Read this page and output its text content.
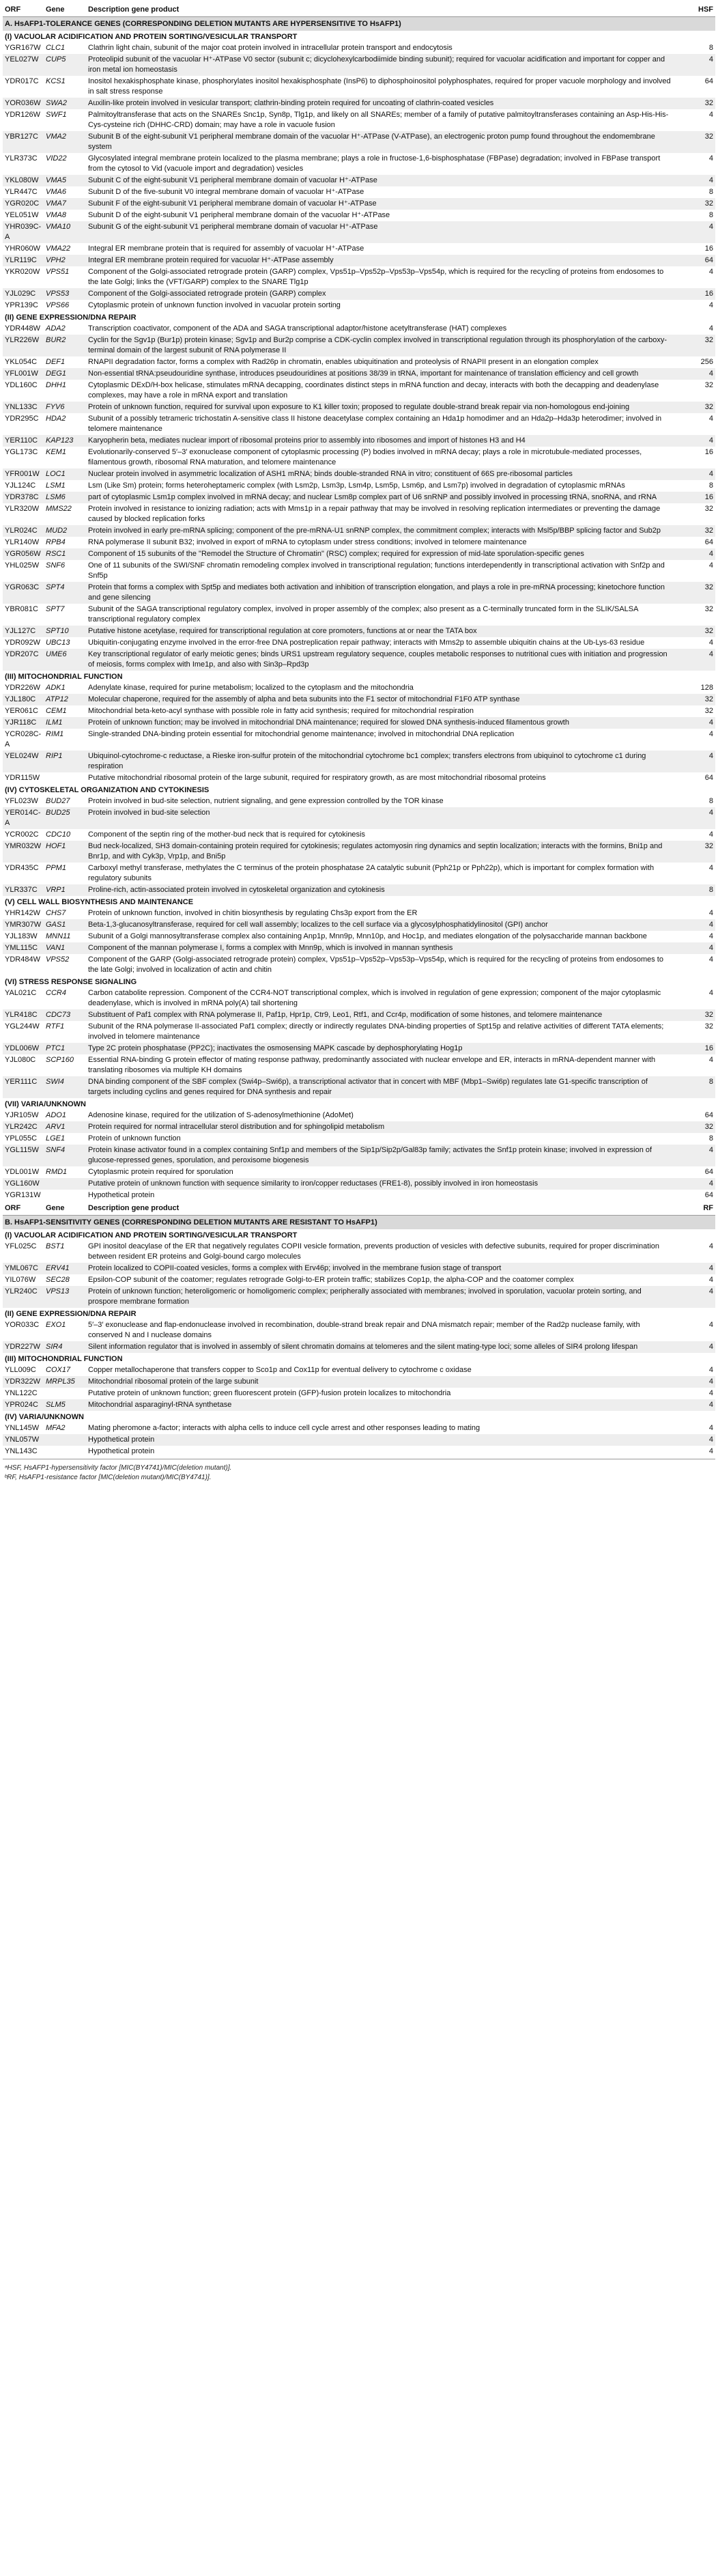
ORF	Gene	Description gene product	HSF
A. HsAFP1-TOLERANCE GENES (CORRESPONDING DELETION MUTANTS ARE HYPERSENSITIVE TO HsAFP1)			
(I) VACUOLAR ACIDIFICATION AND PROTEIN SORTING/VESICULAR TRANSPORT			
YGR167W	CLC1	Clathrin light chain, subunit of the major coat protein involved in intracellular protein transport and endocytosis	8
YEL027W	CUP5	Proteolipid subunit of the vacuolar H⁺-ATPase V0 sector (subunit c; dicyclohexylcarbodiimide binding subunit); required for vacuolar acidification and important for copper and iron metal ion homeostasis	4
YDR017C	KCS1	Inositol hexakisphosphate kinase, phosphorylates inositol hexakisphosphate (InsP6) to diphosphoinositol polyphosphates, required for proper vacuole morphology and involved in salt stress response	64
YOR036W	SWA2	Auxilin-like protein involved in vesicular transport; clathrin-binding protein required for uncoating of clathrin-coated vesicles	32
YDR126W	SWF1	Palmitoyltransferase that acts on the SNAREs Snc1p, Syn8p, Tlg1p, and likely on all SNAREs; member of a family of putative palmitoyltransferases containing an Asp-His-His-Cys-cysteine rich (DHHC-CRD) domain; may have a role in vacuole fusion	4
YBR127C	VMA2	Subunit B of the eight-subunit V1 peripheral membrane domain of the vacuolar H⁺-ATPase (V-ATPase), an electrogenic proton pump found throughout the endomembrane system	32
YLR373C	VID22	Glycosylated integral membrane protein localized to the plasma membrane; plays a role in fructose-1,6-bisphosphatase (FBPase) degradation; involved in FBPase transport from the cytosol to Vid (vacuole import and degradation) vesicles	4
YKL080W	VMA5	Subunit C of the eight-subunit V1 peripheral membrane domain of vacuolar H⁺-ATPase	4
YLR447C	VMA6	Subunit D of the five-subunit V0 integral membrane domain of vacuolar H⁺-ATPase	8
YGR020C	VMA7	Subunit F of the eight-subunit V1 peripheral membrane domain of vacuolar H⁺-ATPase	32
YEL051W	VMA8	Subunit D of the eight-subunit V1 peripheral membrane domain of the vacuolar H⁺-ATPase	8
YHR039C-A	VMA10	Subunit G of the eight-subunit V1 peripheral membrane domain of vacuolar H⁺-ATPase	4
YHR060W	VMA22	Integral ER membrane protein that is required for assembly of vacuolar H⁺-ATPase	16
YLR119C	VPH2	Integral ER membrane protein required for vacuolar H⁺-ATPase assembly	64
YKR020W	VPS51	Component of the Golgi-associated retrograde protein (GARP) complex, Vps51p–Vps52p–Vps53p–Vps54p, which is required for the recycling of proteins from endosomes to the late Golgi; links the (VFT/GARP) complex to the SNARE Tlg1p	4
YJL029C	VPS53	Component of the Golgi-associated retrograde protein (GARP) complex	16
YPR139C	VPS66	Cytoplasmic protein of unknown function involved in vacuolar protein sorting	4
(II) GENE EXPRESSION/DNA REPAIR			
YDR448W	ADA2	Transcription coactivator, component of the ADA and SAGA transcriptional adaptor/histone acetyltransferase (HAT) complexes	4
YLR226W	BUR2	Cyclin for the Sgv1p (Bur1p) protein kinase; Sgv1p and Bur2p comprise a CDK-cyclin complex involved in transcriptional regulation through its phosphorylation of the carboxy-terminal domain of the largest subunit of RNA polymerase II	32
YKL054C	DEF1	RNAPII degradation factor, forms a complex with Rad26p in chromatin, enables ubiquitination and proteolysis of RNAPII present in an elongation complex	256
YFL001W	DEG1	Non-essential tRNA:pseudouridine synthase, introduces pseudouridines at positions 38/39 in tRNA, important for maintenance of translation efficiency and cell growth	4
YDL160C	DHH1	Cytoplasmic DExD/H-box helicase, stimulates mRNA decapping, coordinates distinct steps in mRNA function and decay, interacts with both the decapping and deadenylase complexes, may have a role in mRNA export and translation	32
YNL133C	FYV6	Protein of unknown function, required for survival upon exposure to K1 killer toxin; proposed to regulate double-strand break repair via non-homologous end-joining	32
YDR295C	HDA2	Subunit of a possibly tetrameric trichostatin A-sensitive class II histone deacetylase complex containing an Hda1p homodimer and an Hda2p–Hda3p heterodimer; involved in telomere maintenance	4
YER110C	KAP123	Karyopherin beta, mediates nuclear import of ribosomal proteins prior to assembly into ribosomes and import of histones H3 and H4	4
YGL173C	KEM1	Evolutionarily-conserved 5′–3′ exonuclease component of cytoplasmic processing (P) bodies involved in mRNA decay; plays a role in microtubule-mediated processes, filamentous growth, ribosomal RNA maturation, and telomere maintenance	16
YFR001W	LOC1	Nuclear protein involved in asymmetric localization of ASH1 mRNA; binds double-stranded RNA in vitro; constituent of 66S pre-ribosomal particles	4
YJL124C	LSM1	Lsm (Like Sm) protein; forms heteroheptameric complex (with Lsm2p, Lsm3p, Lsm4p, Lsm5p, Lsm6p, and Lsm7p) involved in degradation of cytoplasmic mRNAs	8
YDR378C	LSM6	part of cytoplasmic Lsm1p complex involved in mRNA decay; and nuclear Lsm8p complex part of U6 snRNP and possibly involved in processing tRNA, snoRNA, and rRNA	16
YLR320W	MMS22	Protein involved in resistance to ionizing radiation; acts with Mms1p in a repair pathway that may be involved in resolving replication intermediates or preventing the damage caused by blocked replication forks	32
YLR024C	MUD2	Protein involved in early pre-mRNA splicing; component of the pre-mRNA-U1 snRNP complex, the commitment complex; interacts with Msl5p/BBP splicing factor and Sub2p	32
YLR140W	RPB4	RNA polymerase II subunit B32; involved in export of mRNA to cytoplasm under stress conditions; involved in telomere maintenance	64
YGR056W	RSC1	Component of 15 subunits of the "Remodel the Structure of Chromatin" (RSC) complex; required for expression of mid-late sporulation-specific genes	4
YHL025W	SNF6	One of 11 subunits of the SWI/SNF chromatin remodeling complex involved in transcriptional regulation; functions interdependently in transcriptional activation with Snf2p and Snf5p	4
YGR063C	SPT4	Protein that forms a complex with Spt5p and mediates both activation and inhibition of transcription elongation, and plays a role in pre-mRNA processing; kinetochore function and gene silencing	32
YBR081C	SPT7	Subunit of the SAGA transcriptional regulatory complex, involved in proper assembly of the complex; also present as a C-terminally truncated form in the SLIK/SALSA transcriptional regulatory complex	32
YJL127C	SPT10	Putative histone acetylase, required for transcriptional regulation at core promoters, functions at or near the TATA box	32
YDR092W	UBC13	Ubiquitin-conjugating enzyme involved in the error-free DNA postreplication repair pathway; interacts with Mms2p to assemble ubiquitin chains at the Ub-Lys-63 residue	4
YDR207C	UME6	Key transcriptional regulator of early meiotic genes; binds URS1 upstream regulatory sequence, couples metabolic responses to nutritional cues with initiation and progression of meiosis, forms complex with Ime1p, and also with Sin3p–Rpd3p	4
(III) MITOCHONDRIAL FUNCTION			
YDR226W	ADK1	Adenylate kinase, required for purine metabolism; localized to the cytoplasm and the mitochondria	128
YJL180C	ATP12	Molecular chaperone, required for the assembly of alpha and beta subunits into the F1 sector of mitochondrial F1F0 ATP synthase	32
YER061C	CEM1	Mitochondrial beta-keto-acyl synthase with possible role in fatty acid synthesis; required for mitochondrial respiration	32
YJR118C	ILM1	Protein of unknown function; may be involved in mitochondrial DNA maintenance; required for slowed DNA synthesis-induced filamentous growth	4
YCR028C-A	RIM1	Single-stranded DNA-binding protein essential for mitochondrial genome maintenance; involved in mitochondrial DNA replication	4
YEL024W	RIP1	Ubiquinol-cytochrome-c reductase, a Rieske iron-sulfur protein of the mitochondrial cytochrome bc1 complex; transfers electrons from ubiquinol to cytochrome c1 during respiration	4
YDR115W		Putative mitochondrial ribosomal protein of the large subunit, required for respiratory growth, as are most mitochondrial ribosomal proteins	64
(IV) CYTOSKELETAL ORGANIZATION AND CYTOKINESIS			
YFL023W	BUD27	Protein involved in bud-site selection, nutrient signaling, and gene expression controlled by the TOR kinase	8
YER014C-A	BUD25	Protein involved in bud-site selection	4
YCR002C	CDC10	Component of the septin ring of the mother-bud neck that is required for cytokinesis	4
YMR032W	HOF1	Bud neck-localized, SH3 domain-containing protein required for cytokinesis; regulates actomyosin ring dynamics and septin localization; interacts with the formins, Bni1p and Bnr1p, and with Cyk3p, Vrp1p, and Bni5p	32
YDR435C	PPM1	Carboxyl methyl transferase, methylates the C terminus of the protein phosphatase 2A catalytic subunit (Pph21p or Pph22p), which is important for complex formation with regulatory subunits	4
YLR337C	VRP1	Proline-rich, actin-associated protein involved in cytoskeletal organization and cytokinesis	8
(V) CELL WALL BIOSYNTHESIS AND MAINTENANCE			
YHR142W	CHS7	Protein of unknown function, involved in chitin biosynthesis by regulating Chs3p export from the ER	4
YMR307W	GAS1	Beta-1,3-glucanosyltransferase, required for cell wall assembly; localizes to the cell surface via a glycosylphosphatidylinositol (GPI) anchor	4
YJL183W	MNN11	Subunit of a Golgi mannosyltransferase complex also containing Anp1p, Mnn9p, Mnn10p, and Hoc1p, and mediates elongation of the polysaccharide mannan backbone	4
YML115C	VAN1	Component of the mannan polymerase I, forms a complex with Mnn9p, which is involved in mannan synthesis	4
YDR484W	VPS52	Component of the GARP (Golgi-associated retrograde protein) complex, Vps51p–Vps52p–Vps53p–Vps54p, which is required for the recycling of proteins from endosomes to the late Golgi; involved in localization of actin and chitin	4
(VI) STRESS RESPONSE SIGNALING			
YAL021C	CCR4	Carbon catabolite repression. Component of the CCR4-NOT transcriptional complex, which is involved in regulation of gene expression; component of the major cytoplasmic deadenylase, which is involved in mRNA poly(A) tail shortening	4
YLR418C	CDC73	Substituent of Paf1 complex with RNA polymerase II, Paf1p, Hpr1p, Ctr9, Leo1, Rtf1, and Ccr4p, modification of some histones, and telomere maintenance	32
YGL244W	RTF1	Subunit of the RNA polymerase II-associated Paf1 complex; directly or indirectly regulates DNA-binding properties of Spt15p and relative activities of different TATA elements; involved in telomere maintenance	32
YDL006W	PTC1	Type 2C protein phosphatase (PP2C); inactivates the osmosensing MAPK cascade by dephosphorylating Hog1p	16
YJL080C	SCP160	Essential RNA-binding G protein effector of mating response pathway, predominantly associated with nuclear envelope and ER, interacts in mRNA-dependent manner with translating ribosomes via multiple KH domains	4
YER111C	SWI4	DNA binding component of the SBF complex (Swi4p–Swi6p), a transcriptional activator that in concert with MBF (Mbp1–Swi6p) regulates late G1-specific transcription of targets including cyclins and genes required for DNA synthesis and repair	8
(VII) VARIA/UNKNOWN			
YJR105W	ADO1	Adenosine kinase, required for the utilization of S-adenosylmethionine (AdoMet)	64
YLR242C	ARV1	Protein required for normal intracellular sterol distribution and for sphingolipid metabolism	32
YPL055C	LGE1	Protein of unknown function	8
YGL115W	SNF4	Protein kinase activator found in a complex containing Snf1p and members of the Sip1p/Sip2p/Gal83p family; activates the Snf1p protein kinase; involved in expression of glucose-repressed genes, sporulation, and peroxisome biogenesis	4
YDL001W	RMD1	Cytoplasmic protein required for sporulation	64
YGL160W		Putative protein of unknown function with sequence similarity to iron/copper reductases (FRE1-8), possibly involved in iron homeostasis	4
YGR131W		Hypothetical protein	64
ORF	Gene	Description gene product	RF
B. HsAFP1-SENSITIVITY GENES (CORRESPONDING DELETION MUTANTS ARE RESISTANT TO HsAFP1)			
(I) VACUOLAR ACIDIFICATION AND PROTEIN SORTING/VESICULAR TRANSPORT			
YFL025C	BST1	GPI inositol deacylase of the ER that negatively regulates COPII vesicle formation, prevents production of vesicles with defective subunits, required for proper discrimination between resident ER proteins and Golgi-bound cargo molecules	4
YML067C	ERV41	Protein localized to COPII-coated vesicles, forms a complex with Erv46p; involved in the membrane fusion stage of transport	4
YIL076W	SEC28	Epsilon-COP subunit of the coatomer; regulates retrograde Golgi-to-ER protein traffic; stabilizes Cop1p, the alpha-COP and the coatomer complex	4
YLR240C	VPS13	Protein of unknown function; heteroligomeric or homoligomeric complex; peripherally associated with membranes; involved in sporulation, vacuolar protein sorting, and prospore membrane formation	4
(II) GENE EXPRESSION/DNA REPAIR			
YOR033C	EXO1	5′–3′ exonuclease and flap-endonuclease involved in recombination, double-strand break repair and DNA mismatch repair; member of the Rad2p nuclease family, with conserved N and I nuclease domains	4
YDR227W	SIR4	Silent information regulator that is involved in assembly of silent chromatin domains at telomeres and the silent mating-type loci; some alleles of SIR4 prolong lifespan	4
(III) MITOCHONDRIAL FUNCTION			
YLL009C	COX17	Copper metallochaperone that transfers copper to Sco1p and Cox11p for eventual delivery to cytochrome c oxidase	4
YDR322W	MRPL35	Mitochondrial ribosomal protein of the large subunit	4
YNL122C		Putative protein of unknown function; green fluorescent protein (GFP)-fusion protein localizes to mitochondria	4
YPR024C	SLM5	Mitochondrial asparaginyl-tRNA synthetase	4
(IV) VARIA/UNKNOWN			
YNL145W	MFA2	Mating pheromone a-factor; interacts with alpha cells to induce cell cycle arrest and other responses leading to mating	4
YNL057W		Hypothetical protein	4
YNL143C		Hypothetical protein	4
ᵃHSF, HsAFP1-hypersensitivity factor [MIC(BY4741)/MIC(deletion mutant)].
ᵇRF, HsAFP1-resistance factor [MIC(deletion mutant)/MIC(BY4741)].
